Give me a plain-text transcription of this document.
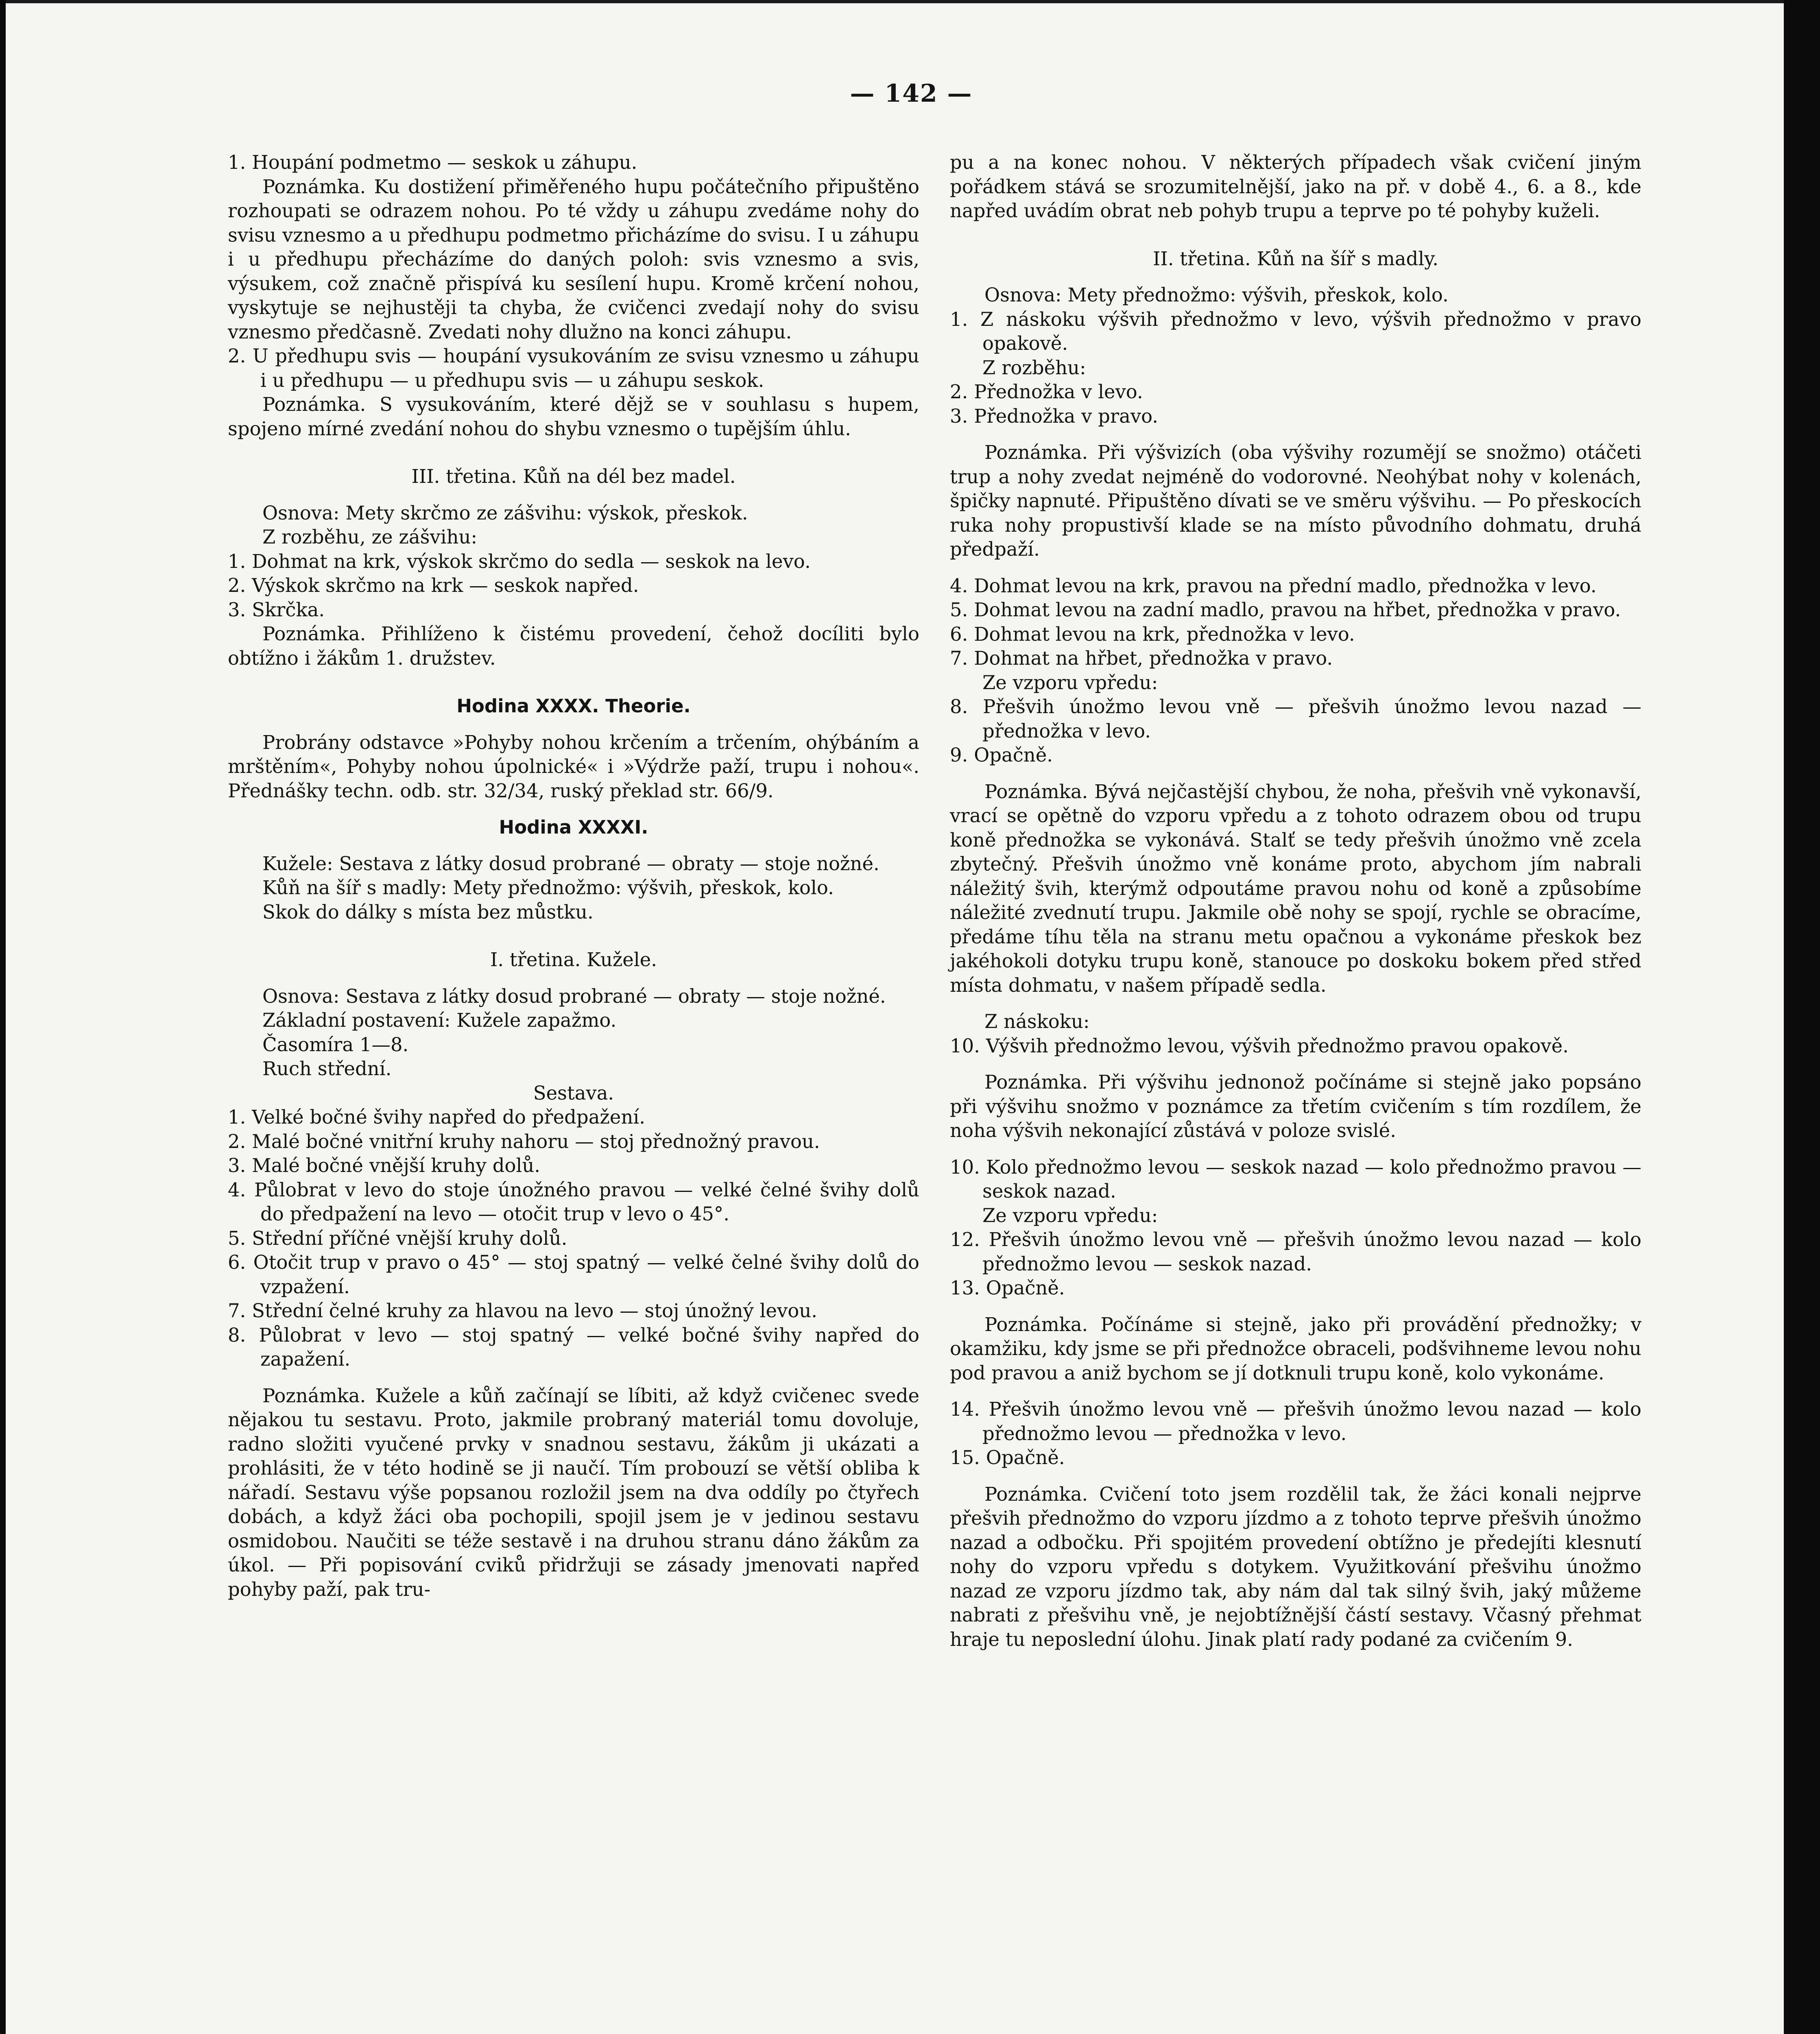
— 142 —

1. Houpání podmetmo — seskok u záhupu.

Poznámka. Ku dostižení přiměřeného hupu počátečního připuštěno rozhoupati se odrazem nohou. Po té vždy u záhupu zvedáme nohy do svisu vznesmo a u předhupu podmetmo přicházíme do svisu. I u záhupu i u předhupu přecházíme do daných poloh: svis vznesmo a svis, výsukem, což značně přispívá ku sesílení hupu. Kromě krčení nohou, vyskytuje se nejhustěji ta chyba, že cvičenci zvedají nohy do svisu vznesmo předčasně. Zvedati nohy dlužno na konci záhupu.

2. U předhupu svis — houpání vysukováním ze svisu vznesmo u záhupu i u předhupu — u předhupu svis — u záhupu seskok.

Poznámka. S vysukováním, které dějž se v souhlasu s hupem, spojeno mírné zvedání nohou do shybu vznesmo o tupějším úhlu.

III. třetina. Kůň na dél bez madel.

Osnova: Mety skrčmo ze zášvihu: výskok, přeskok.

Z rozběhu, ze zášvihu:

1. Dohmat na krk, výskok skrčmo do sedla — seskok na levo.

2. Výskok skrčmo na krk — seskok napřed.

3. Skrčka.

Poznámka. Přihlíženo k čistému provedení, čehož docíliti bylo obtížno i žákům 1. družstev.

Hodina XXXX. Theorie.

Probrány odstavce »Pohyby nohou krčením a trčením, ohýbáním a mrštěním«, Pohyby nohou úpolnické« i »Výdrže paží, trupu i nohou«. Přednášky techn. odb. str. 32/34, ruský překlad str. 66/9.

Hodina XXXXI.

Kužele: Sestava z látky dosud probrané — obraty — stoje nožné.

Kůň na šíř s madly: Mety přednožmo: výšvih, přeskok, kolo.

Skok do dálky s místa bez můstku.

I. třetina. Kužele.

Osnova: Sestava z látky dosud probrané — obraty — stoje nožné.

Základní postavení: Kužele zapažmo.

Časomíra 1—8.

Ruch střední.

Sestava.

1. Velké bočné švihy napřed do předpažení.

2. Malé bočné vnitřní kruhy nahoru — stoj přednožný pravou.

3. Malé bočné vnější kruhy dolů.

4. Půlobrat v levo do stoje únožného pravou — velké čelné švihy dolů do předpažení na levo — otočit trup v levo o 45°.

5. Střední příčné vnější kruhy dolů.

6. Otočit trup v pravo o 45° — stoj spatný — velké čelné švihy dolů do vzpažení.

7. Střední čelné kruhy za hlavou na levo — stoj únožný levou.

8. Půlobrat v levo — stoj spatný — velké bočné švihy napřed do zapažení.

Poznámka. Kužele a kůň začínají se líbiti, až když cvičenec svede nějakou tu sestavu. Proto, jakmile probraný materiál tomu dovoluje, radno složiti vyučené prvky v snadnou sestavu, žákům ji ukázati a prohlásiti, že v této hodině se ji naučí. Tím probouzí se větší obliba k nářadí. Sestavu výše popsanou rozložil jsem na dva oddíly po čtyřech dobách, a když žáci oba pochopili, spojil jsem je v jedinou sestavu osmidobou. Naučiti se téže sestavě i na druhou stranu dáno žákům za úkol. — Při popisování cviků přidržuji se zásady jmenovati napřed pohyby paží, pak tru-

pu a na konec nohou. V některých případech však cvičení jiným pořádkem stává se srozumitelnější, jako na př. v době 4., 6. a 8., kde napřed uvádím obrat neb pohyb trupu a teprve po té pohyby kuželi.

II. třetina. Kůň na šíř s madly.

Osnova: Mety přednožmo: výšvih, přeskok, kolo.

1. Z náskoku výšvih přednožmo v levo, výšvih přednožmo v pravo opakově.

Z rozběhu:

2. Přednožka v levo.

3. Přednožka v pravo.

Poznámka. Při výšvizích (oba výšvihy rozumějí se snožmo) otáčeti trup a nohy zvedat nejméně do vodorovné. Neohýbat nohy v kolenách, špičky napnuté. Připuštěno dívati se ve směru výšvihu. — Po přeskocích ruka nohy propustivší klade se na místo původního dohmatu, druhá předpaží.

4. Dohmat levou na krk, pravou na přední madlo, přednožka v levo.

5. Dohmat levou na zadní madlo, pravou na hřbet, přednožka v pravo.

6. Dohmat levou na krk, přednožka v levo.

7. Dohmat na hřbet, přednožka v pravo.

Ze vzporu vpředu:

8. Přešvih únožmo levou vně — přešvih únožmo levou nazad — přednožka v levo.

9. Opačně.

Poznámka. Bývá nejčastější chybou, že noha, přešvih vně vykonavší, vrací se opětně do vzporu vpředu a z tohoto odrazem obou od trupu koně přednožka se vykonává. Stalť se tedy přešvih únožmo vně zcela zbytečný. Přešvih únožmo vně konáme proto, abychom jím nabrali náležitý švih, kterýmž odpoutáme pravou nohu od koně a způsobíme náležité zvednutí trupu. Jakmile obě nohy se spojí, rychle se obracíme, předáme tíhu těla na stranu metu opačnou a vykonáme přeskok bez jakéhokoli dotyku trupu koně, stanouce po doskoku bokem před střed místa dohmatu, v našem případě sedla.

Z náskoku:

10. Výšvih přednožmo levou, výšvih přednožmo pravou opakově.

Poznámka. Při výšvihu jednonož počínáme si stejně jako popsáno při výšvihu snožmo v poznámce za třetím cvičením s tím rozdílem, že noha výšvih nekonající zůstává v poloze svislé.

10. Kolo přednožmo levou — seskok nazad — kolo přednožmo pravou — seskok nazad.

Ze vzporu vpředu:

12. Přešvih únožmo levou vně — přešvih únožmo levou nazad — kolo přednožmo levou — seskok nazad.

13. Opačně.

Poznámka. Počínáme si stejně, jako při provádění přednožky; v okamžiku, kdy jsme se při přednožce obraceli, podšvihneme levou nohu pod pravou a aniž bychom se jí dotknuli trupu koně, kolo vykonáme.

14. Přešvih únožmo levou vně — přešvih únožmo levou nazad — kolo přednožmo levou — přednožka v levo.

15. Opačně.

Poznámka. Cvičení toto jsem rozdělil tak, že žáci konali nejprve přešvih přednožmo do vzporu jízdmo a z tohoto teprve přešvih únožmo nazad a odbočku. Při spojitém provedení obtížno je předejíti klesnutí nohy do vzporu vpředu s dotykem. Využitkování přešvihu únožmo nazad ze vzporu jízdmo tak, aby nám dal tak silný švih, jaký můžeme nabrati z přešvihu vně, je nejobtížnější částí sestavy. Včasný přehmat hraje tu neposlední úlohu. Jinak platí rady podané za cvičením 9.
